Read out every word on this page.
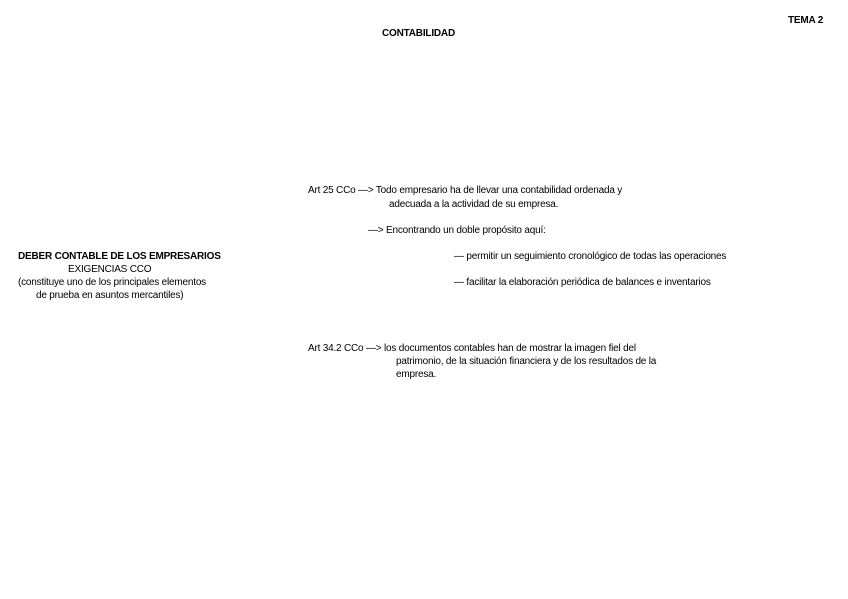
TEMA 2
CONTABILIDAD
DEBER CONTABLE DE LOS EMPRESARIOS
EXIGENCIAS CCO
(constituye uno de los principales elementos
de prueba en asuntos mercantiles)
Art 25 CCo —> Todo empresario ha de llevar una contabilidad ordenada y
adecuada a la actividad de su empresa.
—> Encontrando un doble propósito aquí:
— permitir un seguimiento cronológico de todas las operaciones
— facilitar la elaboración periódica de balances e inventarios
Art 34.2 CCo —> los documentos contables han de mostrar la imagen fiel del
patrimonio, de la situación financiera y de los resultados de la
empresa.
